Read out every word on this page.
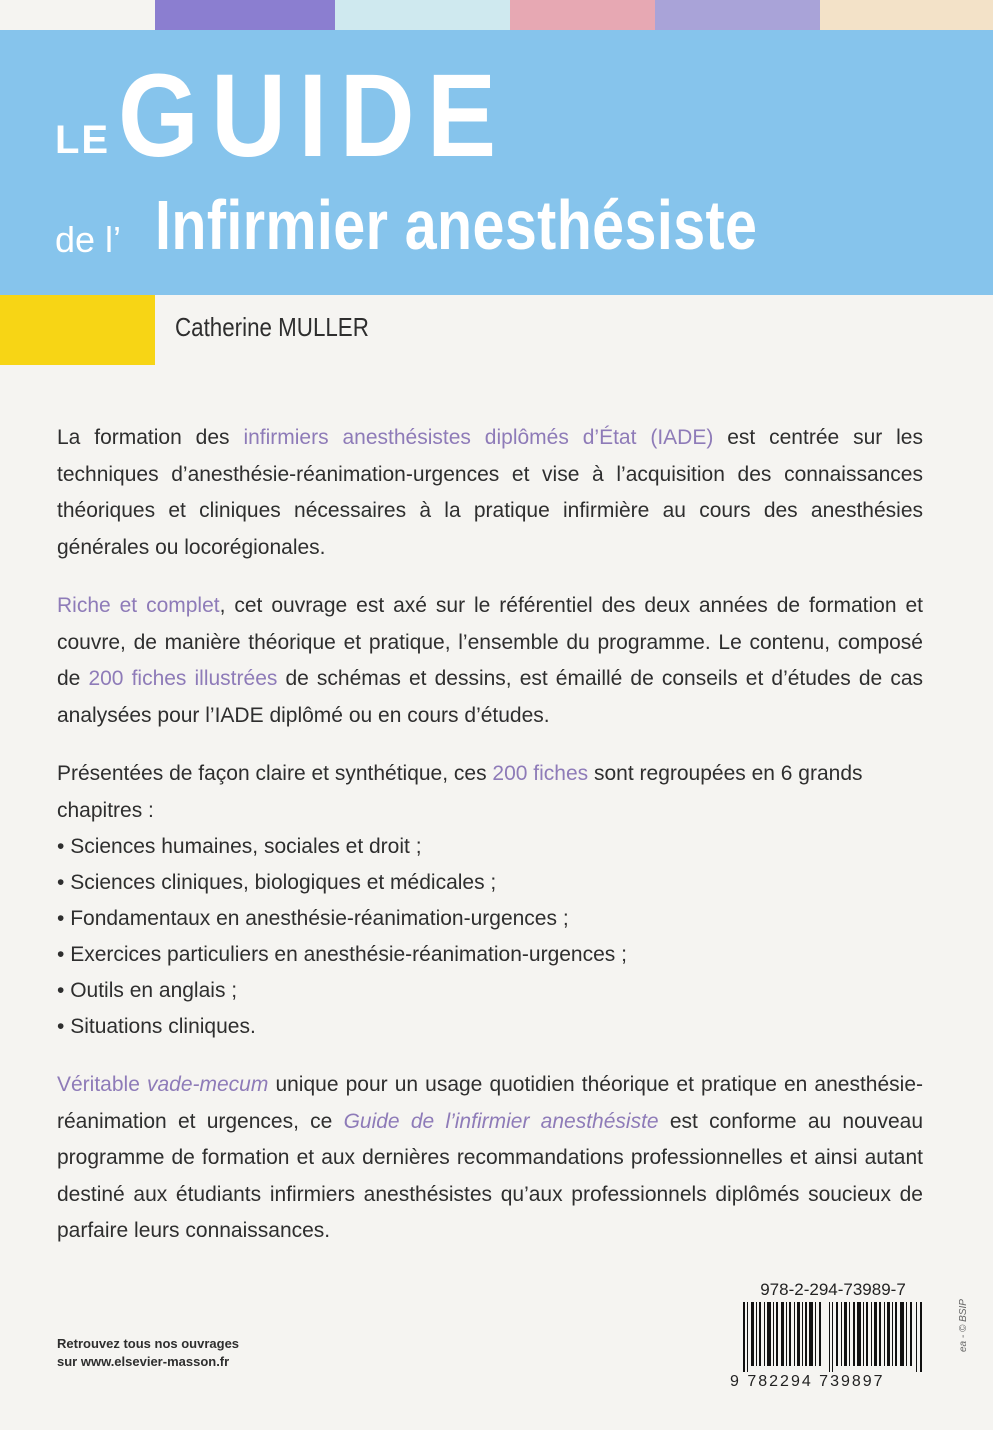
LE GUIDE
de l’ Infirmier anesthésiste
Catherine MULLER

La formation des infirmiers anesthésistes diplômés d’État (IADE) est centrée sur les techniques d’anesthésie-réanimation-urgences et vise à l’acquisition des connaissances théoriques et cliniques nécessaires à la pratique infirmière au cours des anesthésies générales ou locorégionales.

Riche et complet, cet ouvrage est axé sur le référentiel des deux années de formation et couvre, de manière théorique et pratique, l’ensemble du programme. Le contenu, composé de 200 fiches illustrées de schémas et dessins, est émaillé de conseils et d’études de cas analysées pour l’IADE diplômé ou en cours d’études.

Présentées de façon claire et synthétique, ces 200 fiches sont regroupées en 6 grands chapitres :
• Sciences humaines, sociales et droit ;
• Sciences cliniques, biologiques et médicales ;
• Fondamentaux en anesthésie-réanimation-urgences ;
• Exercices particuliers en anesthésie-réanimation-urgences ;
• Outils en anglais ;
• Situations cliniques.

Véritable vade-mecum unique pour un usage quotidien théorique et pratique en anesthésie-réanimation et urgences, ce Guide de l’infirmier anesthésiste est conforme au nouveau programme de formation et aux dernières recommandations professionnelles et ainsi autant destiné aux étudiants infirmiers anesthésistes qu’aux professionnels diplômés soucieux de parfaire leurs connaissances.

Retrouvez tous nos ouvrages
sur www.elsevier-masson.fr
978-2-294-73989-7
9 782294 739897
ea - © BSIP
